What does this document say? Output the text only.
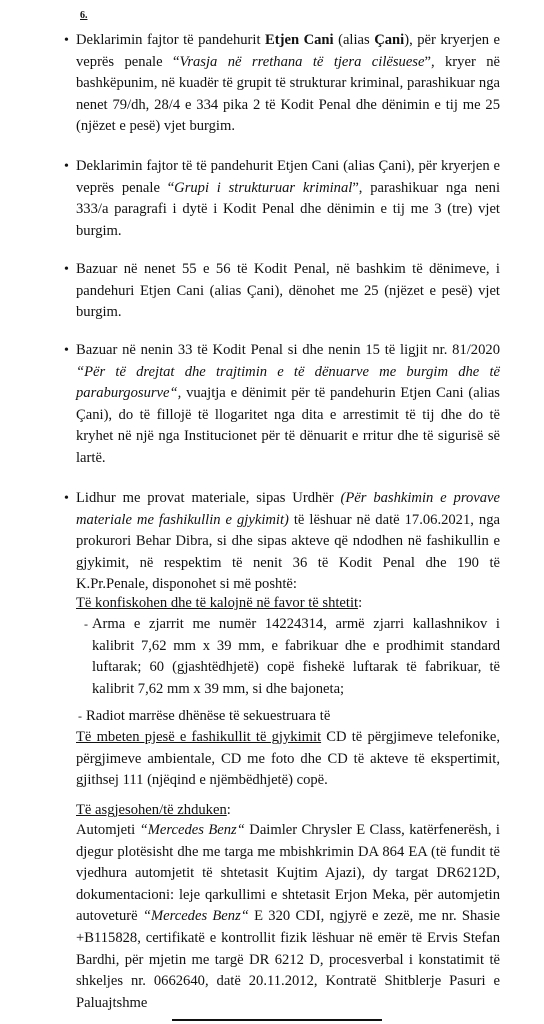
6.
• Deklarimin fajtor të pandehurit Etjen Cani (alias Çani), për kryerjen e veprës penale “Vrasja në rrethana të tjera cilësuese”, kryer në bashkëpunim, në kuadër të grupit të strukturar kriminal, parashikuar nga nenet 79/dh, 28/4 e 334 pika 2 të Kodit Penal dhe dënimin e tij me 25 (njëzet e pesë) vjet burgim.
• Deklarimin fajtor të të pandehurit Etjen Cani (alias Çani), për kryerjen e veprës penale “Grupi i strukturuar kriminal”, parashikuar nga neni 333/a paragrafi i dytë i Kodit Penal dhe dënimin e tij me 3 (tre) vjet burgim.
• Bazuar në nenet 55 e 56 të Kodit Penal, në bashkim të dënimeve, i pandehuri Etjen Cani (alias Çani), dënohet me 25 (njëzet e pesë) vjet burgim.
• Bazuar në nenin 33 të Kodit Penal si dhe nenin 15 të ligjit nr. 81/2020 “Për të drejtat dhe trajtimin e të dënuarve me burgim dhe të paraburgosurve“, vuajtja e dënimit për të pandehurin Etjen Cani (alias Çani), do të fillojë të llogaritet nga dita e arrestimit të tij dhe do të kryhet në një nga Institucionet për të dënuarit e rritur dhe të sigurisë së lartë.
• Lidhur me provat materiale, sipas Urdhër (Për bashkimin e provave materiale me fashikullin e gjykimit) të lëshuar në datë 17.06.2021, nga prokurori Behar Dibra, si dhe sipas akteve që ndodhen në fashikullin e gjykimit, në respektim të nenit 36 të Kodit Penal dhe 190 të K.Pr.Penale, disponohet si më poshtë:
Të konfiskohen dhe të kalojnë në favor të shtetit:
- Arma e zjarrit me numër 14224314, armë zjarri kallashnikov i kalibrit 7,62 mm x 39 mm, e fabrikuar dhe e prodhimit standard luftarak; 60 (gjashtëdhjetë) copë fishekë luftarak të fabrikuar, të kalibrit 7,62 mm x 39 mm, si dhe bajoneta;
- Radiot marrëse dhënëse të sekuestruara të
Të mbeten pjesë e fashikullit të gjykimit CD të përgjimeve telefonike, përgjimeve ambientale, CD me foto dhe CD të akteve të ekspertimit, gjithsej 111 (njëqind e njëmbëdhjetë) copë.
Të asgjesohen/të zhduken:
Automjeti “Mercedes Benz“ Daimler Chrysler E Class, katërfenerësh, i djegur plotësisht dhe me targa me mbishkrimin DA 864 EA (të fundit të vjedhura automjetit të shtetasit Kujtim Ajazi), dy targat DR6212D, dokumentacioni: leje qarkullimi e shtetasit Erjon Meka, për automjetin autoveturë “Mercedes Benz“ E 320 CDI, ngjyrë e zezë, me nr. Shasie +B115828, certifikatë e kontrollit fizik lëshuar në emër të Ervis Stefan Bardhi, për mjetin me targë DR 6212 D, procesverbal i konstatimit të shkeljes nr. 0662640, datë 20.11.2012, Kontratë Shitblerje Pasuri e Paluajtshme
